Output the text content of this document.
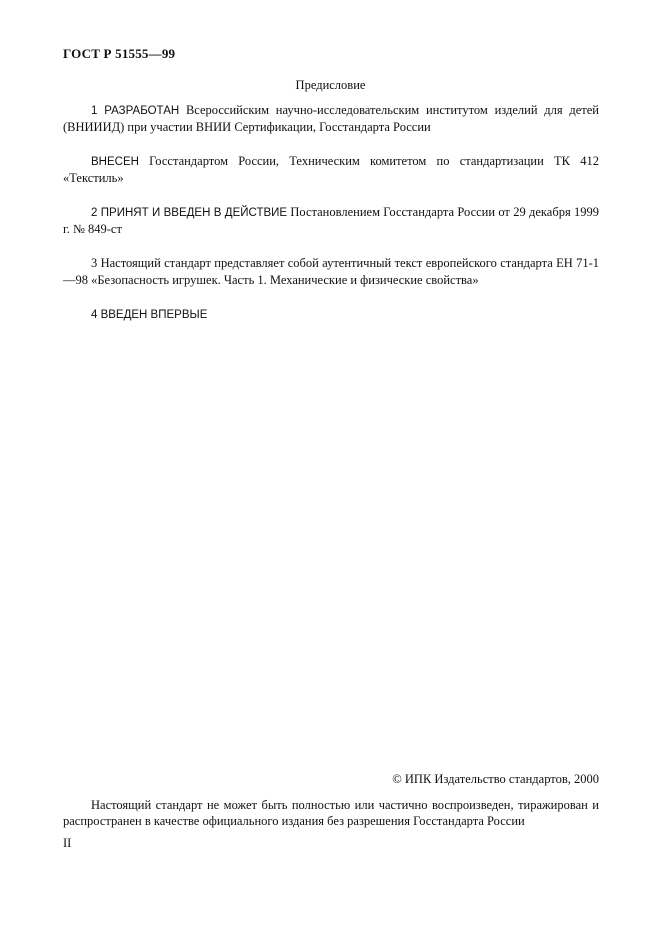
ГОСТ Р 51555—99
Предисловие

1 РАЗРАБОТАН Всероссийским научно-исследовательским институтом изделий для детей (ВНИИИД) при участии ВНИИ Сертификации, Госстандарта России

ВНЕСЕН Госстандартом России, Техническим комитетом по стандартизации ТК 412 «Текстиль»

2 ПРИНЯТ И ВВЕДЕН В ДЕЙСТВИЕ Постановлением Госстандарта России от 29 декабря 1999 г. № 849-ст

3 Настоящий стандарт представляет собой аутентичный текст европейского стандарта ЕН 71-1—98 «Безопасность игрушек. Часть 1. Механические и физические свойства»

4 ВВЕДЕН ВПЕРВЫЕ

© ИПК Издательство стандартов, 2000

Настоящий стандарт не может быть полностью или частично воспроизведен, тиражирован и распространен в качестве официального издания без разрешения Госстандарта России

II
